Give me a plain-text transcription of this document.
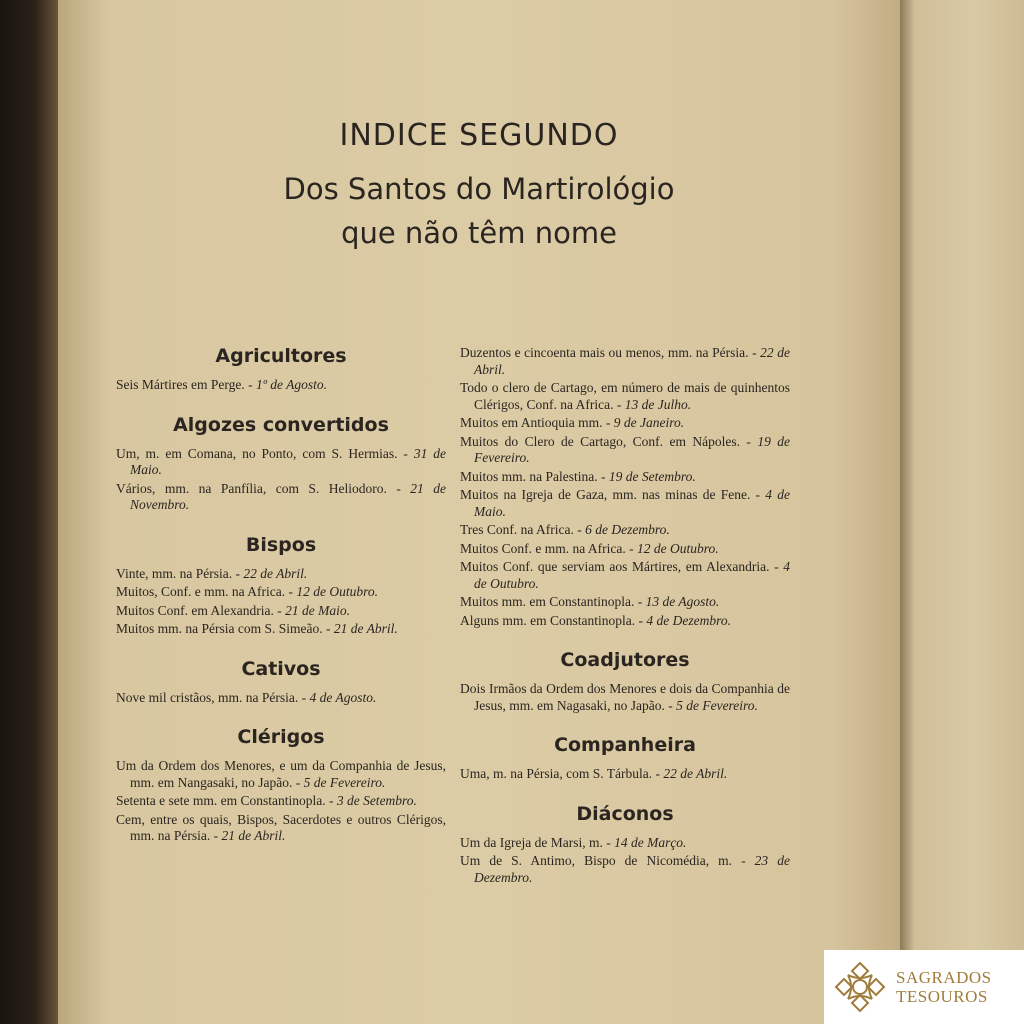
INDICE SEGUNDO

Dos Santos do Martirológio

que não têm nome

Agricultores
Seis Mártires em Perge. - 1º de Agosto.
Algozes convertidos
Um, m. em Comana, no Ponto, com S. Hermias. - 31 de Maio.
Vários, mm. na Panfília, com S. Heliodoro. - 21 de Novembro.
Bispos
Vinte, mm. na Pérsia. - 22 de Abril.
Muitos, Conf. e mm. na Africa. - 12 de Outubro.
Muitos Conf. em Alexandria. - 21 de Maio.
Muitos mm. na Pérsia com S. Simeão. - 21 de Abril.
Cativos
Nove mil cristãos, mm. na Pérsia. - 4 de Agosto.
Clérigos
Um da Ordem dos Menores, e um da Companhia de Jesus, mm. em Nangasaki, no Japão. - 5 de Fevereiro.
Setenta e sete mm. em Constantinopla. - 3 de Setembro.
Cem, entre os quais, Bispos, Sacerdotes e outros Clérigos, mm. na Pérsia. - 21 de Abril.
Duzentos e cincoenta mais ou menos, mm. na Pérsia. - 22 de Abril.
Todo o clero de Cartago, em número de mais de quinhentos Clérigos, Conf. na Africa. - 13 de Julho.
Muitos em Antioquia mm. - 9 de Janeiro.
Muitos do Clero de Cartago, Conf. em Nápoles. - 19 de Fevereiro.
Muitos mm. na Palestina. - 19 de Setembro.
Muitos na Igreja de Gaza, mm. nas minas de Fene. - 4 de Maio.
Tres Conf. na Africa. - 6 de Dezembro.
Muitos Conf. e mm. na Africa. - 12 de Outubro.
Muitos Conf. que serviam aos Mártires, em Alexandria. - 4 de Outubro.
Muitos mm. em Constantinopla. - 13 de Agosto.
Alguns mm. em Constantinopla. - 4 de Dezembro.
Coadjutores
Dois Irmãos da Ordem dos Menores e dois da Companhia de Jesus, mm. em Nagasaki, no Japão. - 5 de Fevereiro.
Companheira
Uma, m. na Pérsia, com S. Tárbula. - 22 de Abril.
Diáconos
Um da Igreja de Marsi, m. - 14 de Março.
Um de S. Antimo, Bispo de Nicomédia, m. - 23 de Dezembro.
SAGRADOS
TESOUROS
